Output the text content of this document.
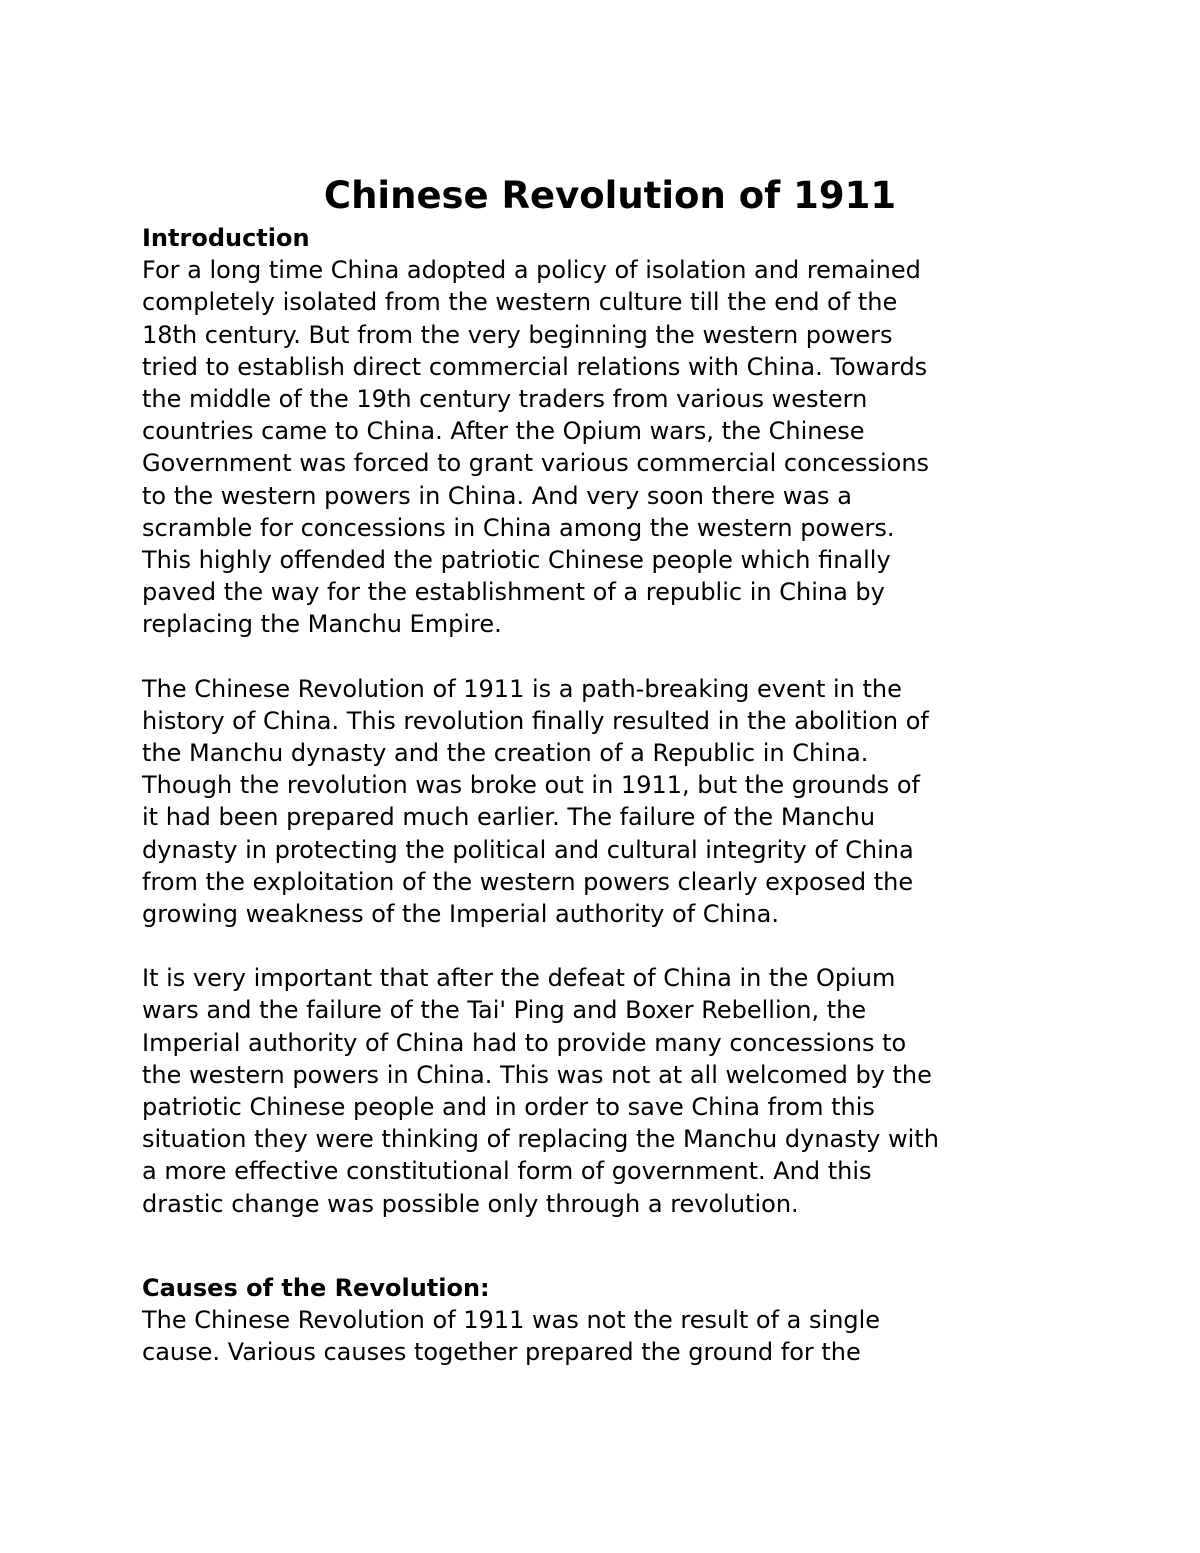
Chinese Revolution of 1911
Introduction

For a long time China adopted a policy of isolation and remained
completely isolated from the western culture till the end of the
18th century. But from the very beginning the western powers
tried to establish direct commercial relations with China. Towards
the middle of the 19th century traders from various western
countries came to China. After the Opium wars, the Chinese
Government was forced to grant various commercial concessions
to the western powers in China. And very soon there was a
scramble for concessions in China among the western powers.
This highly offended the patriotic Chinese people which finally
paved the way for the establishment of a republic in China by
replacing the Manchu Empire.

The Chinese Revolution of 1911 is a path-breaking event in the
history of China. This revolution finally resulted in the abolition of
the Manchu dynasty and the creation of a Republic in China.
Though the revolution was broke out in 1911, but the grounds of
it had been prepared much earlier. The failure of the Manchu
dynasty in protecting the political and cultural integrity of China
from the exploitation of the western powers clearly exposed the
growing weakness of the Imperial authority of China.

It is very important that after the defeat of China in the Opium
wars and the failure of the Tai' Ping and Boxer Rebellion, the
Imperial authority of China had to provide many concessions to
the western powers in China. This was not at all welcomed by the
patriotic Chinese people and in order to save China from this
situation they were thinking of replacing the Manchu dynasty with
a more effective constitutional form of government. And this
drastic change was possible only through a revolution.

Causes of the Revolution:

The Chinese Revolution of 1911 was not the result of a single
cause. Various causes together prepared the ground for the
